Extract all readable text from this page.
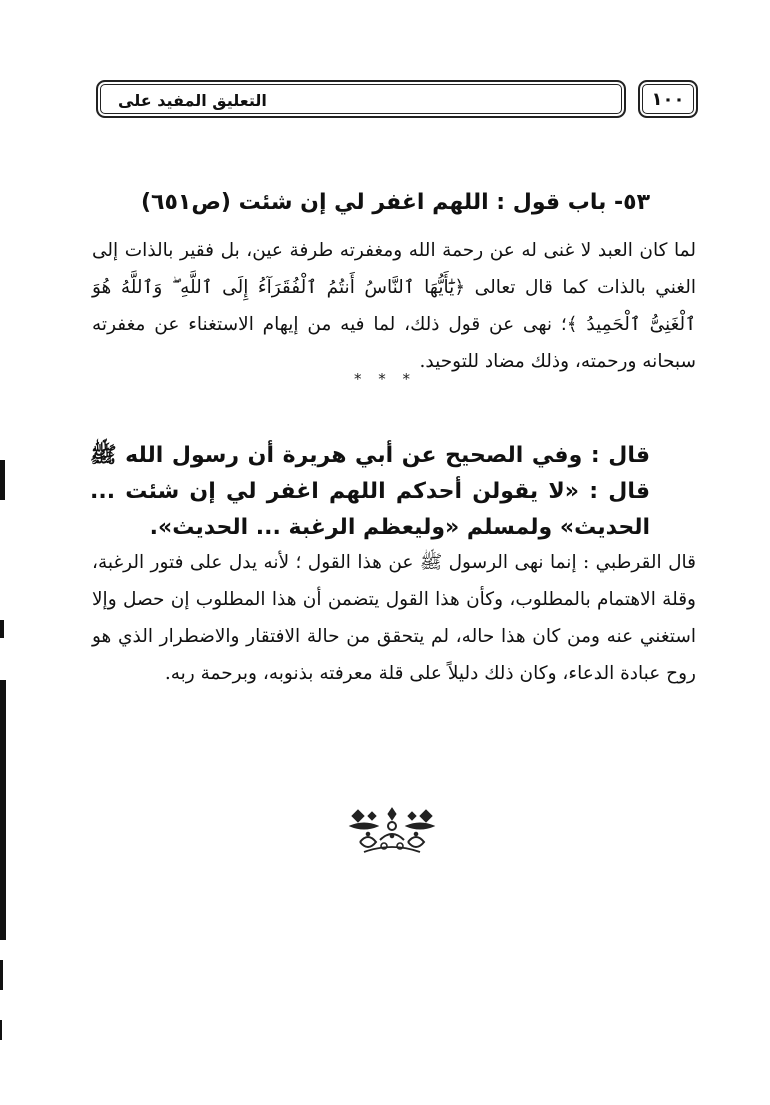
التعليق المفيد على	١٠٠
٥٣- باب قول : اللهم اغفر لي إن شئت (ص٦٥١)
لما كان العبد لا غنى له عن رحمة الله ومغفرته طرفة عين، بل فقير بالذات إلى الغني بالذات كما قال تعالى ﴿يَٰٓأَيُّهَا ٱلنَّاسُ أَنتُمُ ٱلْفُقَرَآءُ إِلَى ٱللَّهِ ۖ وَٱللَّهُ هُوَ ٱلْغَنِىُّ ٱلْحَمِيدُ ﴾؛ نهى عن قول ذلك، لما فيه من إيهام الاستغناء عن مغفرته سبحانه ورحمته، وذلك مضاد للتوحيد.
* * *
قال : وفي الصحيح عن أبي هريرة أن رسول الله ﷺ قال : «لا يقولن أحدكم اللهم اغفر لي إن شئت ... الحديث» ولمسلم «وليعظم الرغبة ... الحديث».
قال القرطبي : إنما نهى الرسول ﷺ عن هذا القول ؛ لأنه يدل على فتور الرغبة، وقلة الاهتمام بالمطلوب، وكأن هذا القول يتضمن أن هذا المطلوب إن حصل وإلا استغني عنه ومن كان هذا حاله، لم يتحقق من حالة الافتقار والاضطرار الذي هو روح عبادة الدعاء، وكان ذلك دليلاً على قلة معرفته بذنوبه، وبرحمة ربه.
